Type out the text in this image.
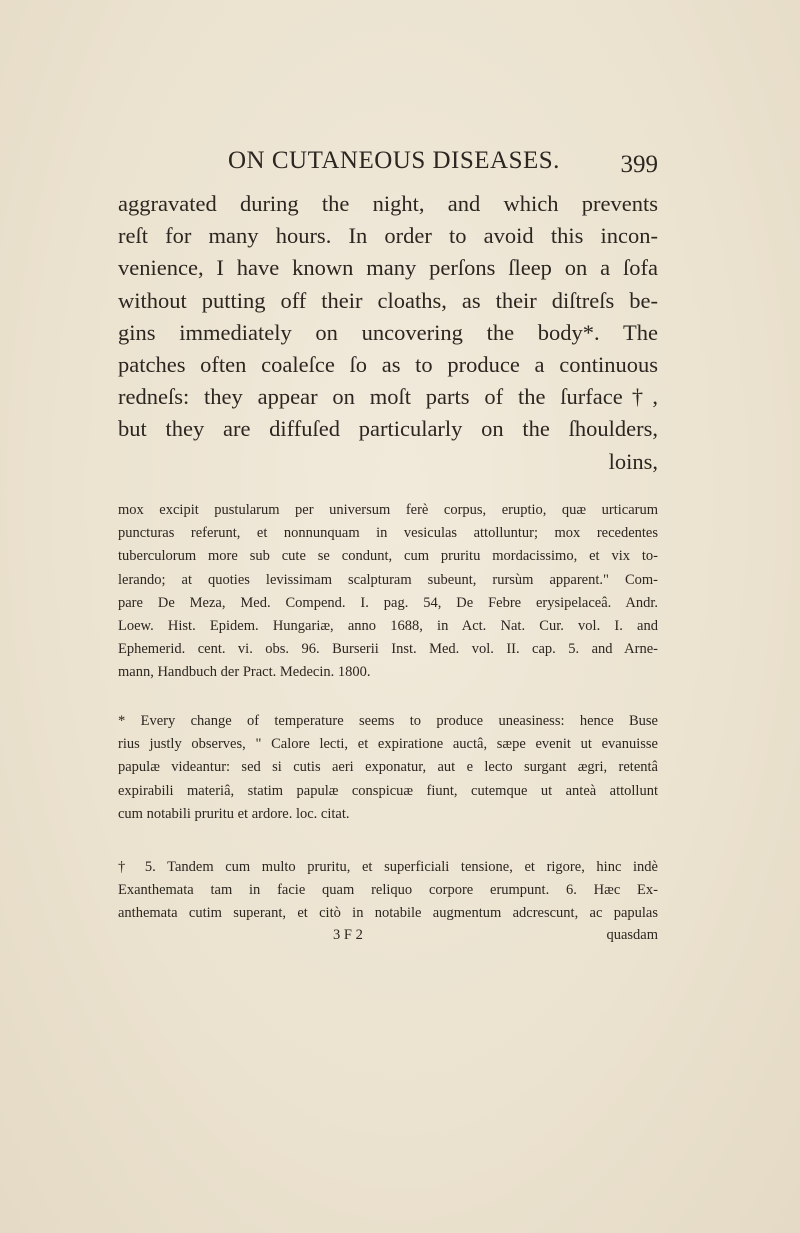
ON CUTANEOUS DISEASES. 399
aggravated during the night, and which prevents
reſt for many hours. In order to avoid this incon-
venience, I have known many perſons ſleep on a ſofa
without putting off their cloaths, as their diſtreſs be-
gins immediately on uncovering the body*. The
patches often coaleſce ſo as to produce a continuous
redneſs: they appear on moſt parts of the ſurface†,
but they are diffuſed particularly on the ſhoulders,
loins,
mox excipit pustularum per universum ferè corpus, eruptio, quæ urticarum
puncturas referunt, et nonnunquam in vesiculas attolluntur; mox recedentes
tuberculorum more sub cute se condunt, cum pruritu mordacissimo, et vix to-
lerando; at quoties levissimam scalpturam subeunt, rursùm apparent." Com-
pare De Meza, Med. Compend. I. pag. 54, De Febre erysipelaceâ. Andr.
Loew. Hist. Epidem. Hungariæ, anno 1688, in Act. Nat. Cur. vol. I. and
Ephemerid. cent. vi. obs. 96. Burserii Inst. Med. vol. II. cap. 5. and Arne-
mann, Handbuch der Pract. Medecin. 1800.
* Every change of temperature seems to produce uneasiness: hence Buse
rius justly observes, " Calore lecti, et expiratione auctâ, sæpe evenit ut evanuisse
papulæ videantur: sed si cutis aeri exponatur, aut e lecto surgant ægri, retentâ
expirabili materiâ, statim papulæ conspicuæ fiunt, cutemque ut anteà attollunt
cum notabili pruritu et ardore. loc. citat.
† 5. Tandem cum multo pruritu, et superficiali tensione, et rigore, hinc indè
Exanthemata tam in facie quam reliquo corpore erumpunt. 6. Hæc Ex-
anthemata cutim superant, et citò in notabile augmentum adcrescunt, ac papulas
3 F 2	quasdam
